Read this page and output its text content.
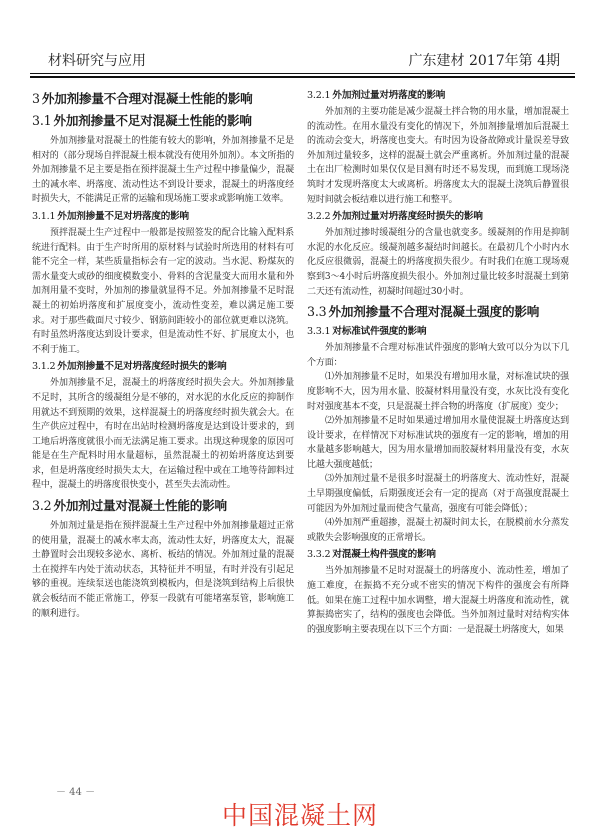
材料研究与应用	广东建材 2017年第 4期
3 外加剂掺量不合理对混凝土性能的影响
3.1 外加剂掺量不足对混凝土性能的影响

外加剂掺量对混凝土的性能有较大的影响，外加剂掺量不足是相对的（部分现场自拌混凝土根本就没有使用外加剂）。本文所指的外加剂掺量不足主要是指在预拌混凝土生产过程中掺量偏少，混凝土的减水率、坍落度、流动性达不到设计要求，混凝土的坍落度经时损失大，不能满足正常的运输和现场施工要求或影响施工效率。

3.1.1 外加剂掺量不足对坍落度的影响

预拌混凝土生产过程中一般都是按照签发的配合比输入配料系统进行配料。由于生产时所用的原材料与试验时所选用的材料有可能不完全一样，某些质量指标会有一定的波动。当水泥、粉煤灰的需水量变大或砂的细度模数变小、骨料的含泥量变大而用水量和外加剂用量不变时，外加剂的掺量就显得不足。外加剂掺量不足时混凝土的初始坍落度和扩展度变小，流动性变差，难以满足施工要求。对于那些截面尺寸较少、钢筋间距较小的部位就更难以浇筑。有时虽然坍落度达到设计要求，但是流动性不好、扩展度太小，也不利于施工。

3.1.2 外加剂掺量不足对坍落度经时损失的影响

外加剂掺量不足，混凝土的坍落度经时损失会大。外加剂掺量不足时，其所含的缓凝组分是不够的，对水泥的水化反应的抑制作用就达不到预期的效果，这样混凝土的坍落度经时损失就会大。在生产供应过程中，有时在出站时检测坍落度是达到设计要求的，到工地后坍落度就很小而无法满足施工要求。出现这种现象的原因可能是在生产配料时用水量超标，虽然混凝土的初始坍落度达到要求，但是坍落度经时损失太大，在运输过程中或在工地等待卸料过程中，混凝土的坍落度很快变小，甚至失去流动性。

3.2 外加剂过量对混凝土性能的影响

外加剂过量是指在预拌混凝土生产过程中外加剂掺量超过正常的使用量，混凝土的减水率太高，流动性太好，坍落度太大，混凝土静置时会出现较多泌水、离析、板结的情况。外加剂过量的混凝土在搅拌车内处于流动状态，其特征并不明显，有时并没有引起足够的重视。连续泵送也能浇筑到模板内，但是浇筑到结构上后很快就会板结而不能正常施工，停泵一段就有可能堵塞泵管，影响施工的顺利进行。

3.2.1 外加剂过量对坍落度的影响

外加剂的主要功能是减少混凝土拌合物的用水量，增加混凝土的流动性。在用水量没有变化的情况下，外加剂掺量增加后混凝土的流动会变大，坍落度也变大。有时因为设备故障或计量误差导致外加剂过量较多，这样的混凝土就会严重离析。外加剂过量的混凝土在出厂检测时如果仅仅是目测有时还不易发现，而到施工现场浇筑时才发现坍落度太大或离析。坍落度太大的混凝土浇筑后静置很短时间就会板结难以进行施工和整平。

3.2.2 外加剂过量对坍落度经时损失的影响

外加剂过掺时缓凝组分的含量也就变多。缓凝剂的作用是抑制水泥的水化反应。缓凝剂越多凝结时间越长。在最初几个小时内水化反应很微弱，混凝土的坍落度损失很少。有时我们在施工现场观察到3～4小时后坍落度损失很小。外加剂过量比较多时混凝土到第二天还有流动性，初凝时间超过30小时。

3.3 外加剂掺量不合理对混凝土强度的影响
3.3.1 对标准试件强度的影响

外加剂掺量不合理对标准试件强度的影响大致可以分为以下几个方面：

⑴外加剂掺量不足时，如果没有增加用水量，对标准试块的强度影响不大，因为用水量、胶凝材料用量没有变，水灰比没有变化时对强度基本不变，只是混凝土拌合物的坍落度（扩展度）变少；

⑵外加剂掺量不足时如果通过增加用水量使混凝土坍落度达到设计要求，在样情况下对标准试块的强度有一定的影响，增加的用水量越多影响越大，因为用水量增加而胶凝材料用量没有变，水灰比越大强度越低；

⑶外加剂过量不是很多时混凝土的坍落度大、流动性好，混凝土早期强度偏低，后期强度还会有一定的提高（对于高强度混凝土可能因为外加剂过量而使含气量高，强度有可能会降低）；

⑷外加剂严重超掺，混凝土初凝时间太长，在脱模前水分蒸发或散失会影响强度的正常增长。

3.3.2 对混凝土构件强度的影响

当外加剂掺量不足时对混凝土的坍落度小、流动性差，增加了施工难度，在振捣不充分或不密实的情况下构件的强度会有所降低。如果在施工过程中加水调整，增大混凝土坍落度和流动性，就算振捣密实了，结构的强度也会降低。当外加剂过量时对结构实体的强度影响主要表现在以下三个方面：一是混凝土坍落度大，如果

－ 44 －
中国混凝土网
